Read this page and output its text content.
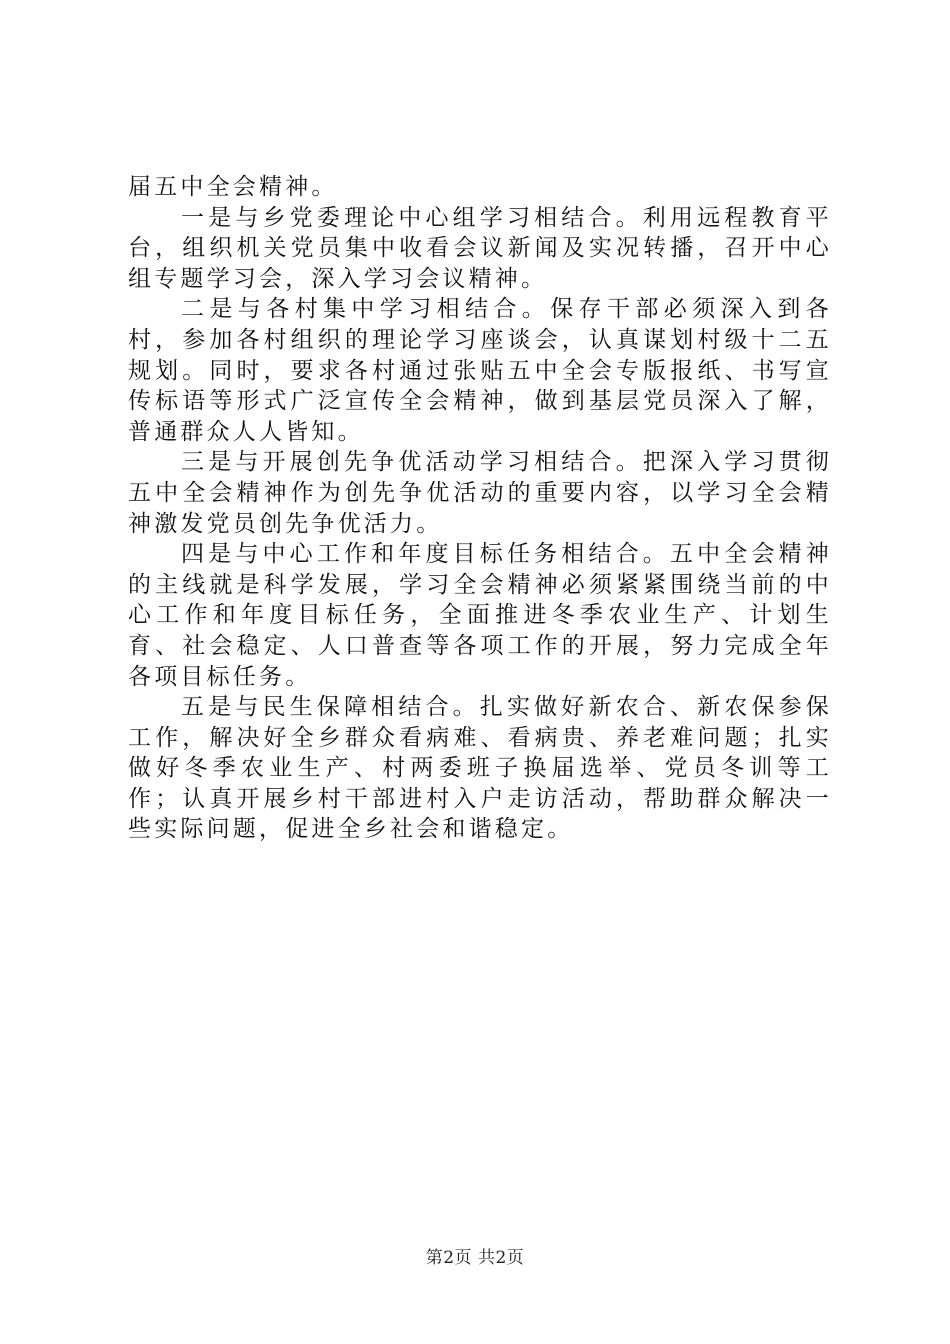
届五中全会精神。

一是与乡党委理论中心组学习相结合。利用远程教育平台，组织机关党员集中收看会议新闻及实况转播，召开中心组专题学习会，深入学习会议精神。

二是与各村集中学习相结合。保存干部必须深入到各村，参加各村组织的理论学习座谈会，认真谋划村级十二五规划。同时，要求各村通过张贴五中全会专版报纸、书写宣传标语等形式广泛宣传全会精神，做到基层党员深入了解，普通群众人人皆知。

三是与开展创先争优活动学习相结合。把深入学习贯彻五中全会精神作为创先争优活动的重要内容，以学习全会精神激发党员创先争优活力。

四是与中心工作和年度目标任务相结合。五中全会精神的主线就是科学发展，学习全会精神必须紧紧围绕当前的中心工作和年度目标任务，全面推进冬季农业生产、计划生育、社会稳定、人口普查等各项工作的开展，努力完成全年各项目标任务。

五是与民生保障相结合。扎实做好新农合、新农保参保工作，解决好全乡群众看病难、看病贵、养老难问题；扎实做好冬季农业生产、村两委班子换届选举、党员冬训等工作；认真开展乡村干部进村入户走访活动，帮助群众解决一些实际问题，促进全乡社会和谐稳定。

第2页 共2页
